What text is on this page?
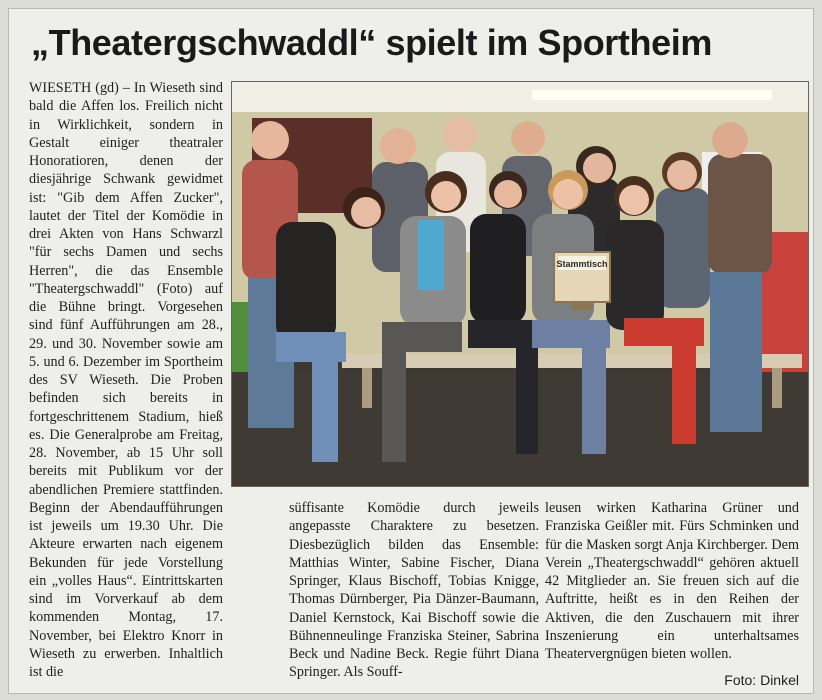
„Theatergschwaddl“ spielt im Sportheim

WIESETH (gd) – In Wieseth sind bald die Affen los. Freilich nicht in Wirklichkeit, sondern in Gestalt einiger theatraler Honoratioren, denen der diesjährige Schwank gewidmet ist: "Gib dem Affen Zucker", lautet der Titel der Komödie in drei Akten von Hans Schwarzl "für sechs Damen und sechs Herren", die das Ensemble "Theatergschwaddl" (Foto) auf die Bühne bringt. Vorgesehen sind fünf Aufführungen am 28., 29. und 30. November sowie am 5. und 6. Dezember im Sportheim des SV Wieseth. Die Proben befinden sich bereits in fortgeschrittenem Stadium, hieß es. Die Generalprobe am Freitag, 28. November, ab 15 Uhr soll bereits mit Publikum vor der abendlichen Premiere stattfinden. Beginn der Abendaufführungen ist jeweils um 19.30 Uhr. Die Akteure erwarten nach eigenem Bekunden für jede Vorstellung ein „volles Haus“. Eintrittskarten sind im Vorverkauf ab dem kommenden Montag, 17. November, bei Elektro Knorr in Wieseth zu erwerben. Inhaltlich ist die

Stammtisch

süffisante Komödie durch jeweils angepasste Charaktere zu besetzen. Diesbezüglich bilden das Ensemble: Matthias Winter, Sabine Fischer, Diana Springer, Klaus Bischoff, Tobias Knigge, Thomas Dürnberger, Pia Dänzer-Baumann, Daniel Kernstock, Kai Bischoff sowie die Bühnenneulinge Franziska Steiner, Sabrina Beck und Nadine Beck. Regie führt Diana Springer. Als Souff-

leusen wirken Katharina Grüner und Franziska Geißler mit. Fürs Schminken und für die Masken sorgt Anja Kirchberger. Dem Verein „Theatergschwaddl“ gehören aktuell 42 Mitglieder an. Sie freuen sich auf die Auftritte, heißt es in den Reihen der Aktiven, die den Zuschauern mit ihrer Inszenierung ein unterhaltsames Theatervergnügen bieten wollen.

Foto: Dinkel
